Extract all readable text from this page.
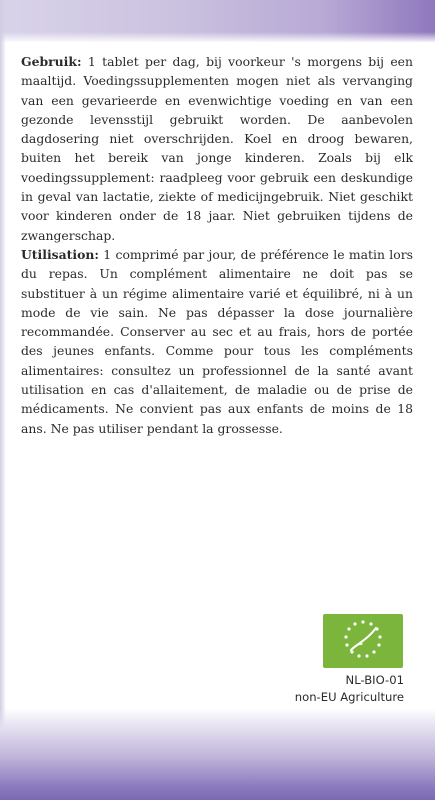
Gebruik: 1 tablet per dag, bij voorkeur 's morgens bij een maaltijd. Voedingssupplementen mogen niet als vervanging van een gevarieerde en evenwichtige voeding en van een gezonde levensstijl gebruikt worden. De aanbevolen dagdosering niet overschrijden. Koel en droog bewaren, buiten het bereik van jonge kinderen. Zoals bij elk voedingssupplement: raadpleeg voor gebruik een deskundige in geval van lactatie, ziekte of medicijngebruik. Niet geschikt voor kinderen onder de 18 jaar. Niet gebruiken tijdens de zwangerschap.

Utilisation: 1 comprimé par jour, de préférence le matin lors du repas. Un complément alimentaire ne doit pas se substituer à un régime alimentaire varié et équilibré, ni à un mode de vie sain. Ne pas dépasser la dose journalière recommandée. Conserver au sec et au frais, hors de portée des jeunes enfants. Comme pour tous les compléments alimentaires: consultez un professionnel de la santé avant utilisation en cas d'allaitement, de maladie ou de prise de médicaments. Ne convient pas aux enfants de moins de 18 ans. Ne pas utiliser pendant la grossesse.

NL-BIO-01
non-EU Agriculture
